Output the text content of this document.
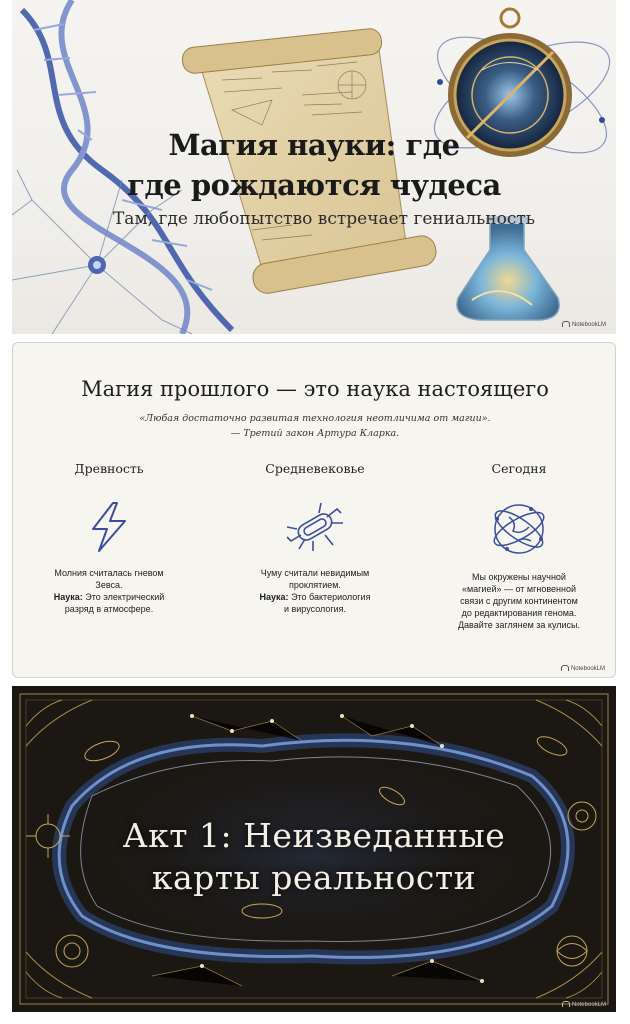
Магия науки: где
где рождаются чудеса
Там, где любопытство встречает гениальность
NotebookLM
Магия прошлого — это наука настоящего
«Любая достаточно развитая технология неотличима от магии».
— Третий закон Артура Кларка.
Древность
Молния считалась гневом
Зевса.
Наука: Это электрический
разряд в атмосфере.
Средневековье
Чуму считали невидимым
проклятием.
Наука: Это бактериология
и вирусология.
Сегодня
Мы окружены научной
«магией» — от мгновенной
связи с другим континентом
до редактирования генома.
Давайте заглянем за кулисы.
NotebookLM
Акт 1: Неизведанные
карты реальности
NotebookLM
